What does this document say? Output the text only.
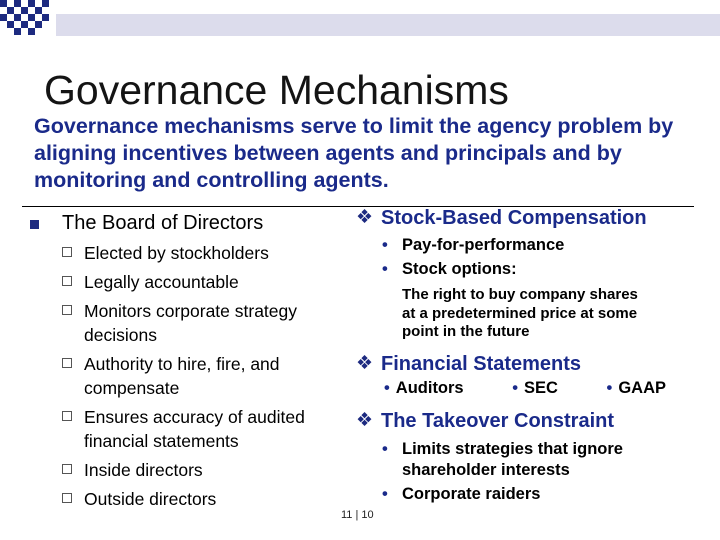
Governance Mechanisms
Governance mechanisms serve to limit the agency problem by aligning incentives between agents and principals and by monitoring and controlling agents.
The Board of Directors
Elected by stockholders
Legally accountable
Monitors corporate strategy decisions
Authority to hire, fire, and compensate
Ensures accuracy of audited financial statements
Inside directors
Outside directors
❖ Stock-Based Compensation
• Pay-for-performance
• Stock options:
The right to buy company shares
at a predetermined price at some
point in the future
❖ Financial Statements
• Auditors	• SEC	• GAAP
❖ The Takeover Constraint
• Limits strategies that ignore
shareholder interests
• Corporate raiders
11 | 10
